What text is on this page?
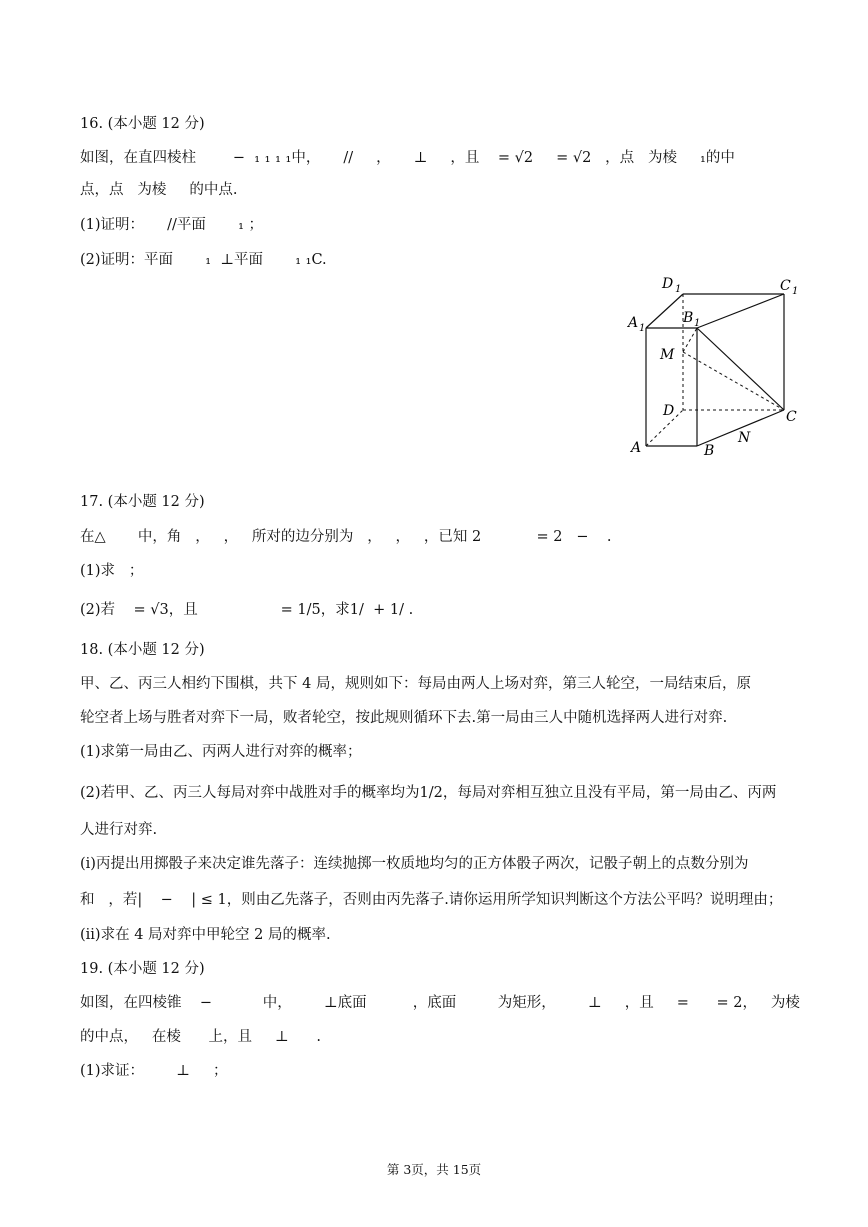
16. (本小题 12 分)
如图，在直四棱柱        −  ₁ ₁ ₁ ₁中，     //     ，     ⊥     ，且    = √2     = √2   ，点   为棱     ₁的中
点，点   为棱     的中点.
(1)证明：     //平面       ₁ ；
(2)证明：平面       ₁  ⊥平面       ₁ ₁C.
D 1	C 1
A 1
B 1
M
D	C
A	B
N
17. (本小题 12 分)
在△       中，角   ，   ，   所对的边分别为   ，   ，   ，已知 2            = 2   −    .
(1)求   ；
(2)若    = √3，且                  = 1/5，求1/  + 1/ .
18. (本小题 12 分)
甲、乙、丙三人相约下围棋，共下 4 局，规则如下：每局由两人上场对弈，第三人轮空，一局结束后，原
轮空者上场与胜者对弈下一局，败者轮空，按此规则循环下去.第一局由三人中随机选择两人进行对弈.
(1)求第一局由乙、丙两人进行对弈的概率；
(2)若甲、乙、丙三人每局对弈中战胜对手的概率均为1/2，每局对弈相互独立且没有平局，第一局由乙、丙两
人进行对弈.
(i)丙提出用掷骰子来决定谁先落子：连续抛掷一枚质地均匀的正方体骰子两次，记骰子朝上的点数分别为
和   ，若|    −    | ≤ 1，则由乙先落子，否则由丙先落子.请你运用所学知识判断这个方法公平吗？说明理由；
(ii)求在 4 局对弈中甲轮空 2 局的概率.
19. (本小题 12 分)
如图，在四棱锥    −           中，       ⊥底面          ，底面         为矩形，       ⊥     ，且     =      = 2，   为棱
的中点，   在棱      上，且     ⊥      .
(1)求证：       ⊥     ；
第 3页，共 15页
